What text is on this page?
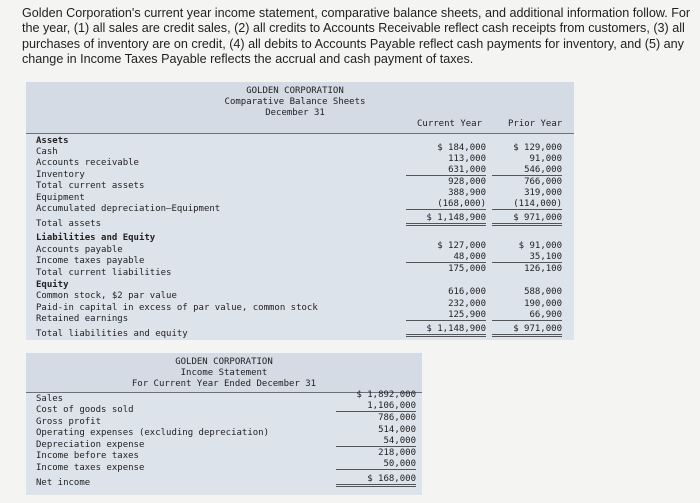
Golden Corporation's current year income statement, comparative balance sheets, and additional information follow. For
the year, (1) all sales are credit sales, (2) all credits to Accounts Receivable reflect cash receipts from customers, (3) all
purchases of inventory are on credit, (4) all debits to Accounts Payable reflect cash payments for inventory, and (5) any
change in Income Taxes Payable reflects the accrual and cash payment of taxes.
GOLDEN CORPORATION
Comparative Balance Sheets
December 31
Current Year	Prior Year
Assets
Cash
Accounts receivable
Inventory
Total current assets
Equipment
Accumulated depreciation—Equipment
Total assets
Liabilities and Equity
Accounts payable
Income taxes payable
Total current liabilities
Equity
Common stock, $2 par value
Paid-in capital in excess of par value, common stock
Retained earnings
Total liabilities and equity
$ 184,000
113,000
631,000
928,000
388,900
(168,000)
$ 1,148,900
$ 127,000
48,000
175,000
616,000
232,000
125,900
$ 1,148,900
$ 129,000
91,000
546,000
766,000
319,000
(114,000)
$ 971,000
$ 91,000
35,100
126,100
588,000
190,000
66,900
$ 971,000
GOLDEN CORPORATION
Income Statement
For Current Year Ended December 31
Sales
Cost of goods sold
Gross profit
Operating expenses (excluding depreciation)
Depreciation expense
Income before taxes
Income taxes expense
Net income
$ 1,892,000
1,106,000
786,000
514,000
54,000
218,000
50,000
$ 168,000
